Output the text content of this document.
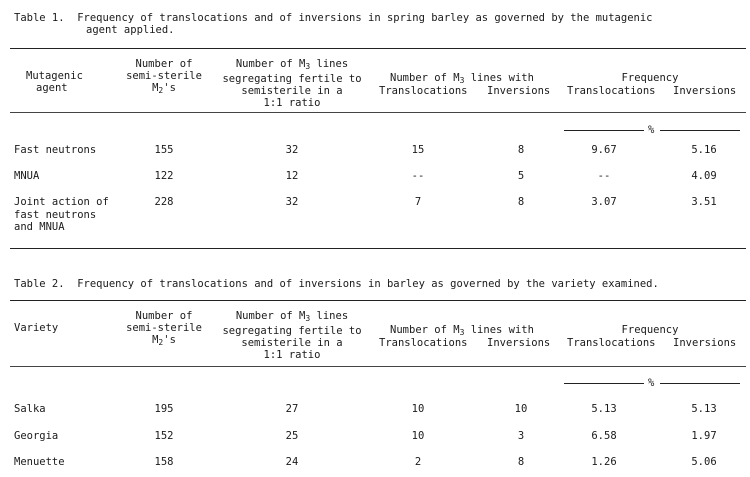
Table 1.  Frequency of translocations and of inversions in spring barley as governed by the mutagenic
agent applied.
Mutagenic
agent
Number of
semi-sterile
$M_2's$
Number of $M_3$ lines
segregating fertile to
semisterile in a
1:1 ratio
Number of $M_3$ lines with
Translocations Inversions
Frequency
Translocations Inversions
%
Fast neutrons	155	32	15	8	9.67	5.16
MNUA	122	12	--	5	--	4.09
Joint action of
fast neutrons
and MNUA
228	32	7	8	3.07	3.51
Table 2.  Frequency of translocations and of inversions in barley as governed by the variety examined.
Variety
Number of
semi-sterile
$M_2's$
Number of $M_3$ lines
segregating fertile to
semisterile in a
1:1 ratio
Number of $M_3$ lines with
Translocations Inversions
Frequency
Translocations Inversions
%
Salka	195	27	10	10	5.13	5.13
Georgia	152	25	10	3	6.58	1.97
Menuette	158	24	2	8	1.26	5.06
